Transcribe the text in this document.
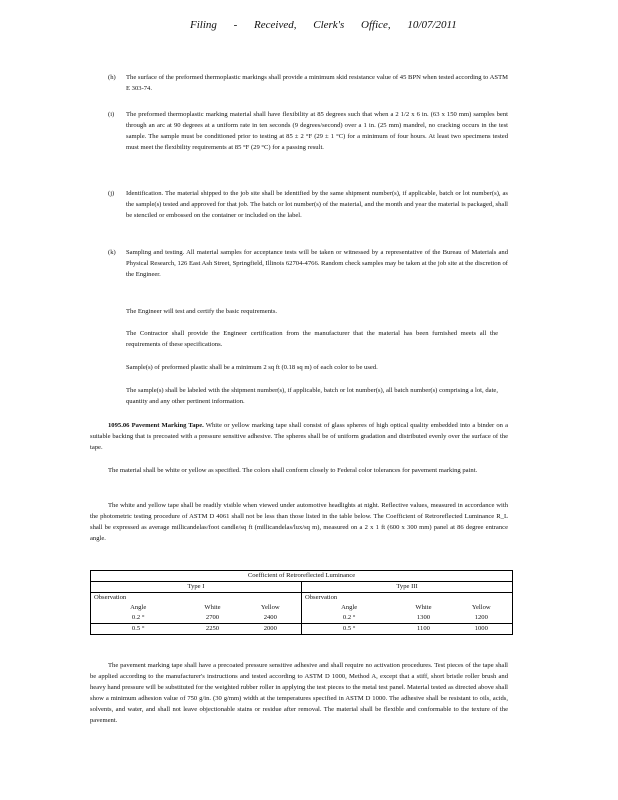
Filing - Received, Clerk's Office, 10/07/2011
(h) The surface of the preformed thermoplastic markings shall provide a minimum skid resistance value of 45 BPN when tested according to ASTM E 303-74.
(i) The preformed thermoplastic marking material shall have flexibility at 85 degrees such that when a 2 1/2 x 6 in. (63 x 150 mm) samples bent through an arc at 90 degrees at a uniform rate in ten seconds (9 degrees/second) over a 1 in. (25 mm) mandrel, no cracking occurs in the test sample. The sample must be conditioned prior to testing at 85 ± 2 °F (29 ± 1 °C) for a minimum of four hours. At least two specimens tested must meet the flexibility requirements at 85 °F (29 °C) for a passing result.
(j) Identification. The material shipped to the job site shall be identified by the same shipment number(s), if applicable, batch or lot number(s), as the sample(s) tested and approved for that job. The batch or lot number(s) of the material, and the month and year the material is packaged, shall be stenciled or embossed on the container or included on the label.
(k) Sampling and testing. All material samples for acceptance tests will be taken or witnessed by a representative of the Bureau of Materials and Physical Research, 126 East Ash Street, Springfield, Illinois 62704-4766. Random check samples may be taken at the job site at the discretion of the Engineer.
The Engineer will test and certify the basic requirements.
The Contractor shall provide the Engineer certification from the manufacturer that the material has been furnished meets all the requirements of these specifications.
Sample(s) of preformed plastic shall be a minimum 2 sq ft (0.18 sq m) of each color to be used.
The sample(s) shall be labeled with the shipment number(s), if applicable, batch or lot number(s), all batch number(s) comprising a lot, date, quantity and any other pertinent information.
1095.06 Pavement Marking Tape. White or yellow marking tape shall consist of glass spheres of high optical quality embedded into a binder on a suitable backing that is precoated with a pressure sensitive adhesive. The spheres shall be of uniform gradation and distributed evenly over the surface of the tape.
The material shall be white or yellow as specified. The colors shall conform closely to Federal color tolerances for pavement marking paint.
The white and yellow tape shall be readily visible when viewed under automotive headlights at night. Reflective values, measured in accordance with the photometric testing procedure of ASTM D 4061 shall not be less than those listed in the table below. The Coefficient of Retroreflected Luminance R_L shall be expressed as average millicandelas/foot candle/sq ft (millicandelas/lux/sq m), measured on a 2 x 1 ft (600 x 300 mm) panel at 86 degree entrance angle.
Coefficient of Retroreflected Luminance					
Type I			Type III		
Observation			Observation		
Angle	White	Yellow	Angle	White	Yellow
0.2 °	2700	2400	0.2 °	1300	1200
0.5 °	2250	2000	0.5 °	1100	1000
The pavement marking tape shall have a precoated pressure sensitive adhesive and shall require no activation procedures. Test pieces of the tape shall be applied according to the manufacturer's instructions and tested according to ASTM D 1000, Method A, except that a stiff, short bristle roller brush and heavy hand pressure will be substituted for the weighted rubber roller in applying the test pieces to the metal test panel. Material tested as directed above shall show a minimum adhesion value of 750 g/in. (30 g/mm) width at the temperatures specified in ASTM D 1000. The adhesive shall be resistant to oils, acids, solvents, and water, and shall not leave objectionable stains or residue after removal. The material shall be flexible and conformable to the texture of the pavement.
